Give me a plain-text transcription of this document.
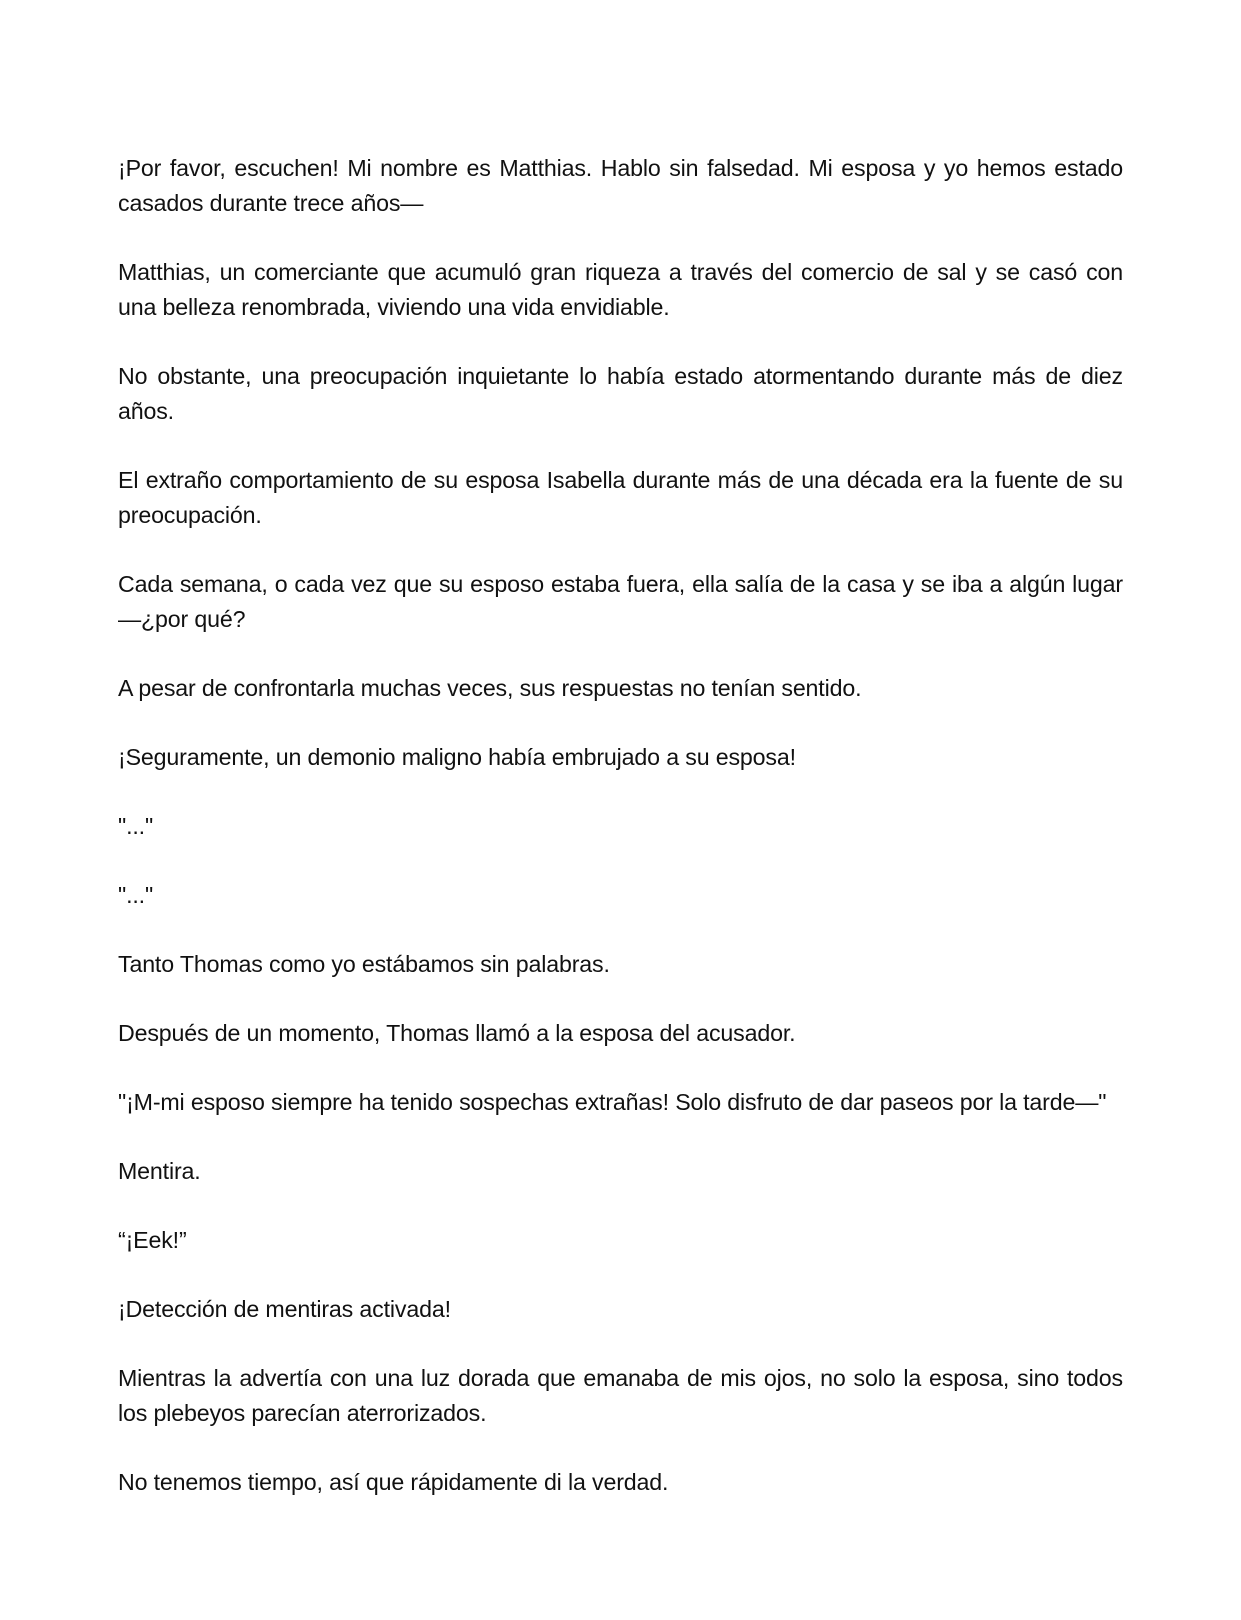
¡Por favor, escuchen! Mi nombre es Matthias. Hablo sin falsedad. Mi esposa y yo hemos estado casados durante trece años—

Matthias, un comerciante que acumuló gran riqueza a través del comercio de sal y se casó con una belleza renombrada, viviendo una vida envidiable.

No obstante, una preocupación inquietante lo había estado atormentando durante más de diez años.

El extraño comportamiento de su esposa Isabella durante más de una década era la fuente de su preocupación.

Cada semana, o cada vez que su esposo estaba fuera, ella salía de la casa y se iba a algún lugar—¿por qué?

A pesar de confrontarla muchas veces, sus respuestas no tenían sentido.

¡Seguramente, un demonio maligno había embrujado a su esposa!

"..."

"..."

Tanto Thomas como yo estábamos sin palabras.

Después de un momento, Thomas llamó a la esposa del acusador.

"¡M-mi esposo siempre ha tenido sospechas extrañas! Solo disfruto de dar paseos por la tarde—"

Mentira.

“¡Eek!”

¡Detección de mentiras activada!

Mientras la advertía con una luz dorada que emanaba de mis ojos, no solo la esposa, sino todos los plebeyos parecían aterrorizados.

No tenemos tiempo, así que rápidamente di la verdad.
